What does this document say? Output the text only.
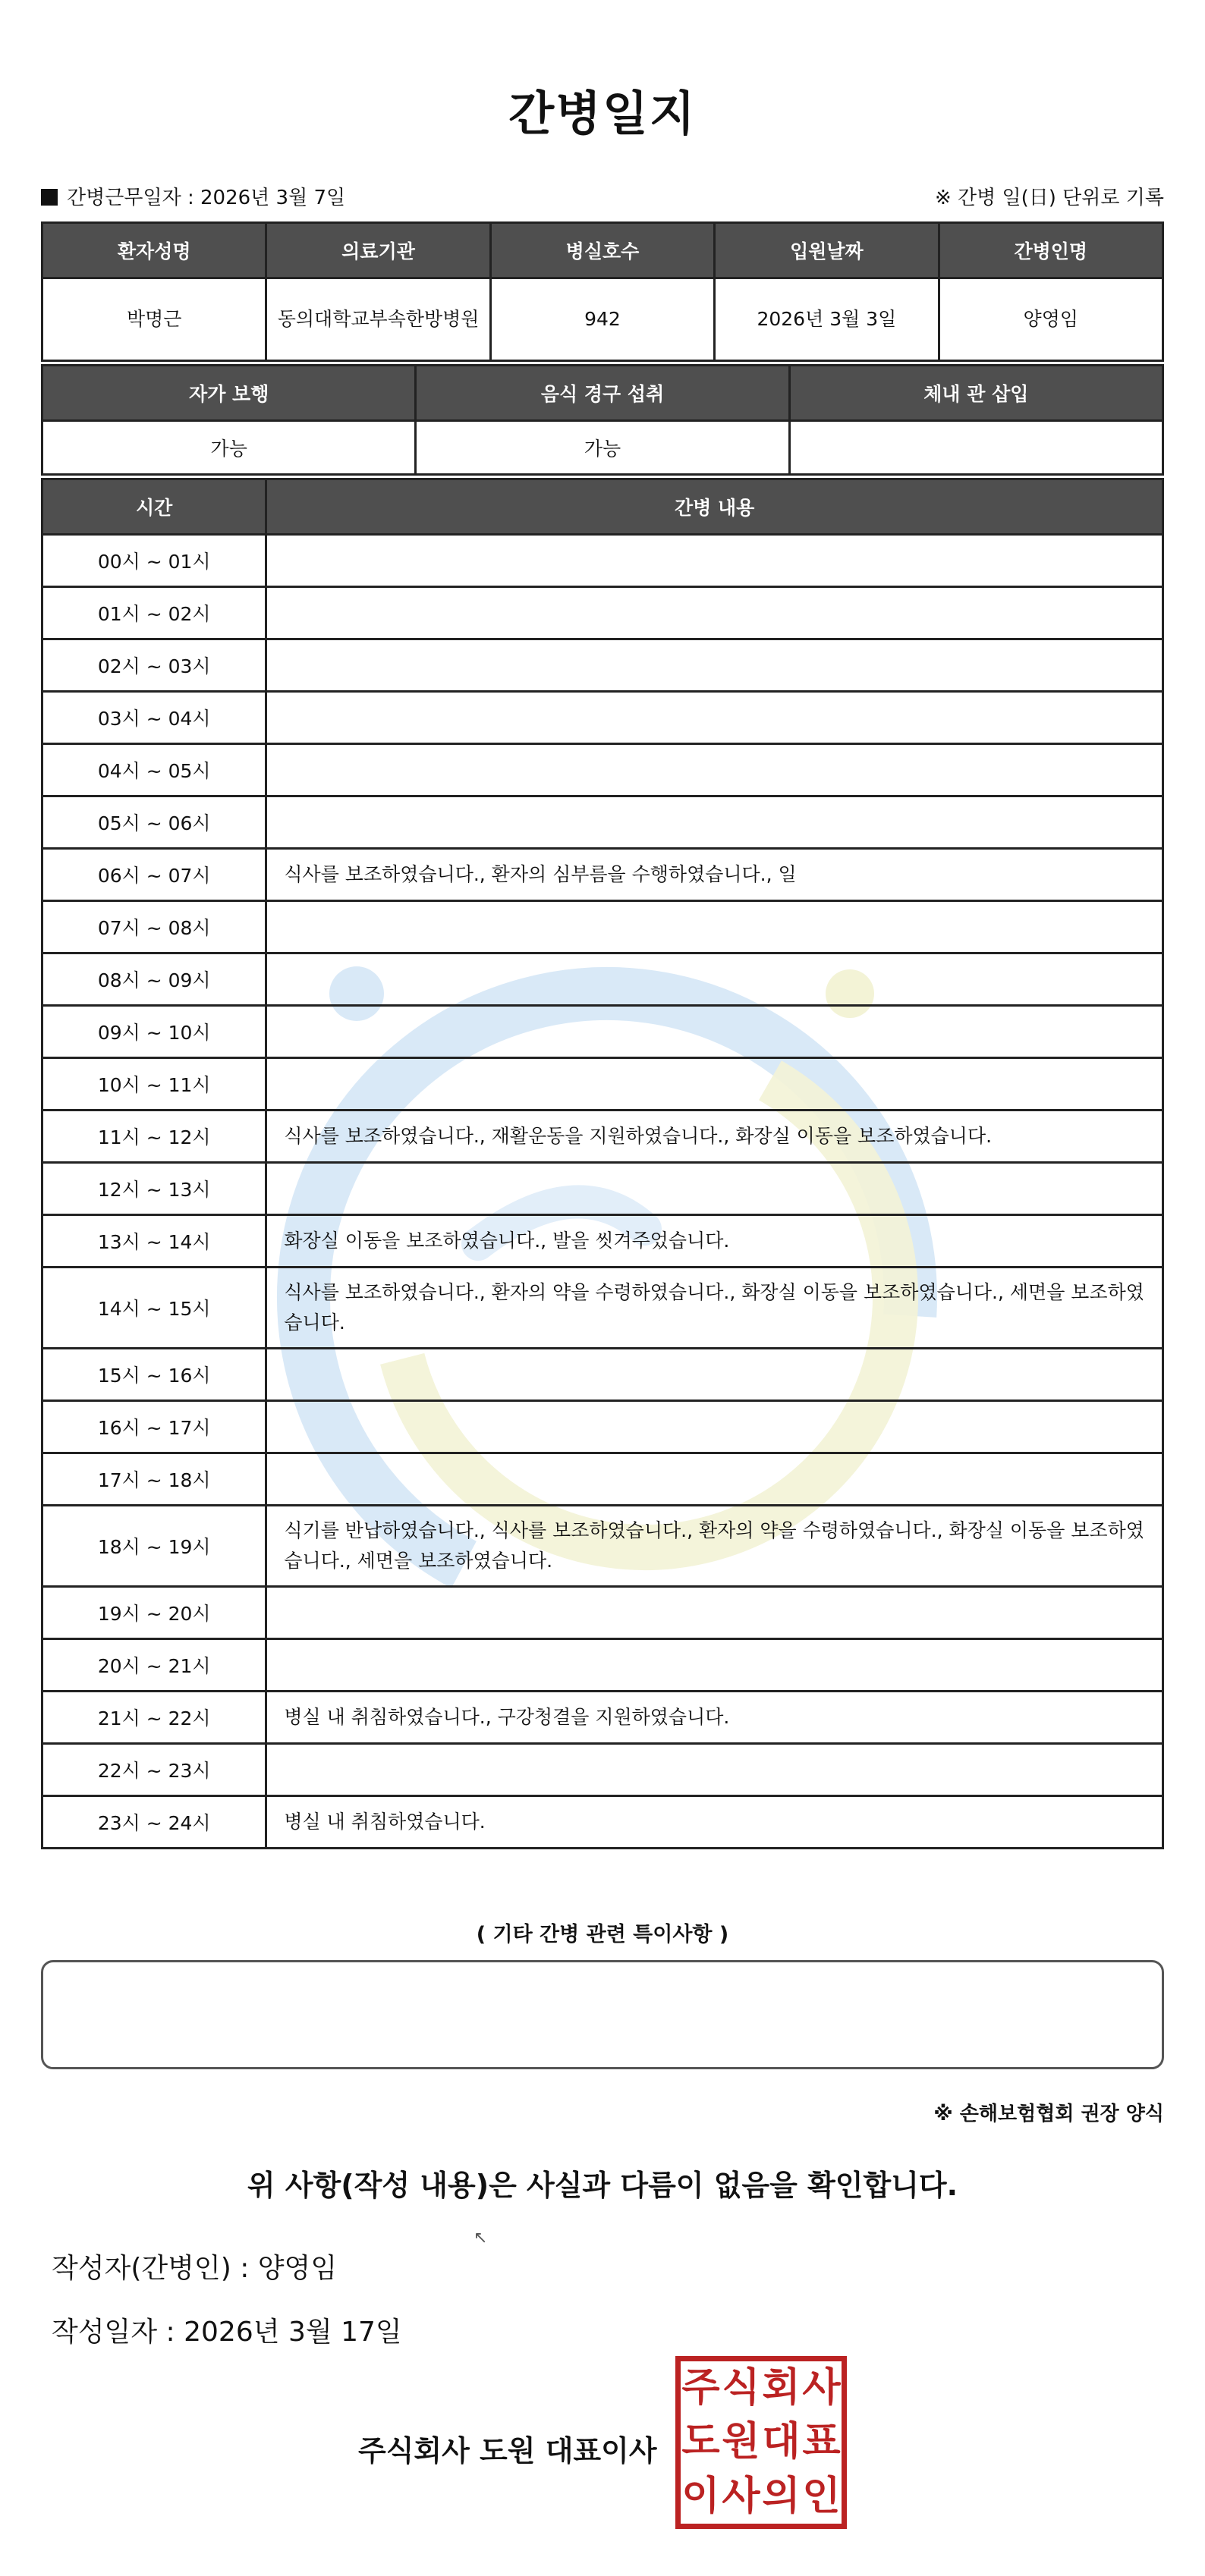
간병일지
간병근무일자 : 2026년 3월 7일	※ 간병 일(日) 단위로 기록
환자성명	의료기관	병실호수	입원날짜	간병인명
박명근	동의대학교부속한방병원	942	2026년 3월 3일	양영임
자가 보행	음식 경구 섭취	체내 관 삽입
가능	가능	
시간	간병 내용
00시 ~ 01시	
01시 ~ 02시	
02시 ~ 03시	
03시 ~ 04시	
04시 ~ 05시	
05시 ~ 06시	
06시 ~ 07시	식사를 보조하였습니다., 환자의 심부름을 수행하였습니다., 일
07시 ~ 08시	
08시 ~ 09시	
09시 ~ 10시	
10시 ~ 11시	
11시 ~ 12시	식사를 보조하였습니다., 재활운동을 지원하였습니다., 화장실 이동을 보조하였습니다.
12시 ~ 13시	
13시 ~ 14시	화장실 이동을 보조하였습니다., 발을 씻겨주었습니다.
14시 ~ 15시	식사를 보조하였습니다., 환자의 약을 수령하였습니다., 화장실 이동을 보조하였습니다., 세면을 보조하였습니다.
15시 ~ 16시	
16시 ~ 17시	
17시 ~ 18시	
18시 ~ 19시	식기를 반납하였습니다., 식사를 보조하였습니다., 환자의 약을 수령하였습니다., 화장실 이동을 보조하였습니다., 세면을 보조하였습니다.
19시 ~ 20시	
20시 ~ 21시	
21시 ~ 22시	병실 내 취침하였습니다., 구강청결을 지원하였습니다.
22시 ~ 23시	
23시 ~ 24시	병실 내 취침하였습니다.
( 기타 간병 관련 특이사항 )
※ 손해보험협회 권장 양식
위 사항(작성 내용)은 사실과 다름이 없음을 확인합니다.
↖
작성자(간병인) : 양영임
작성일자 : 2026년 3월 17일
주식회사 도원 대표이사
주 식 회 사
도 원 대 표
이 사 의 인
